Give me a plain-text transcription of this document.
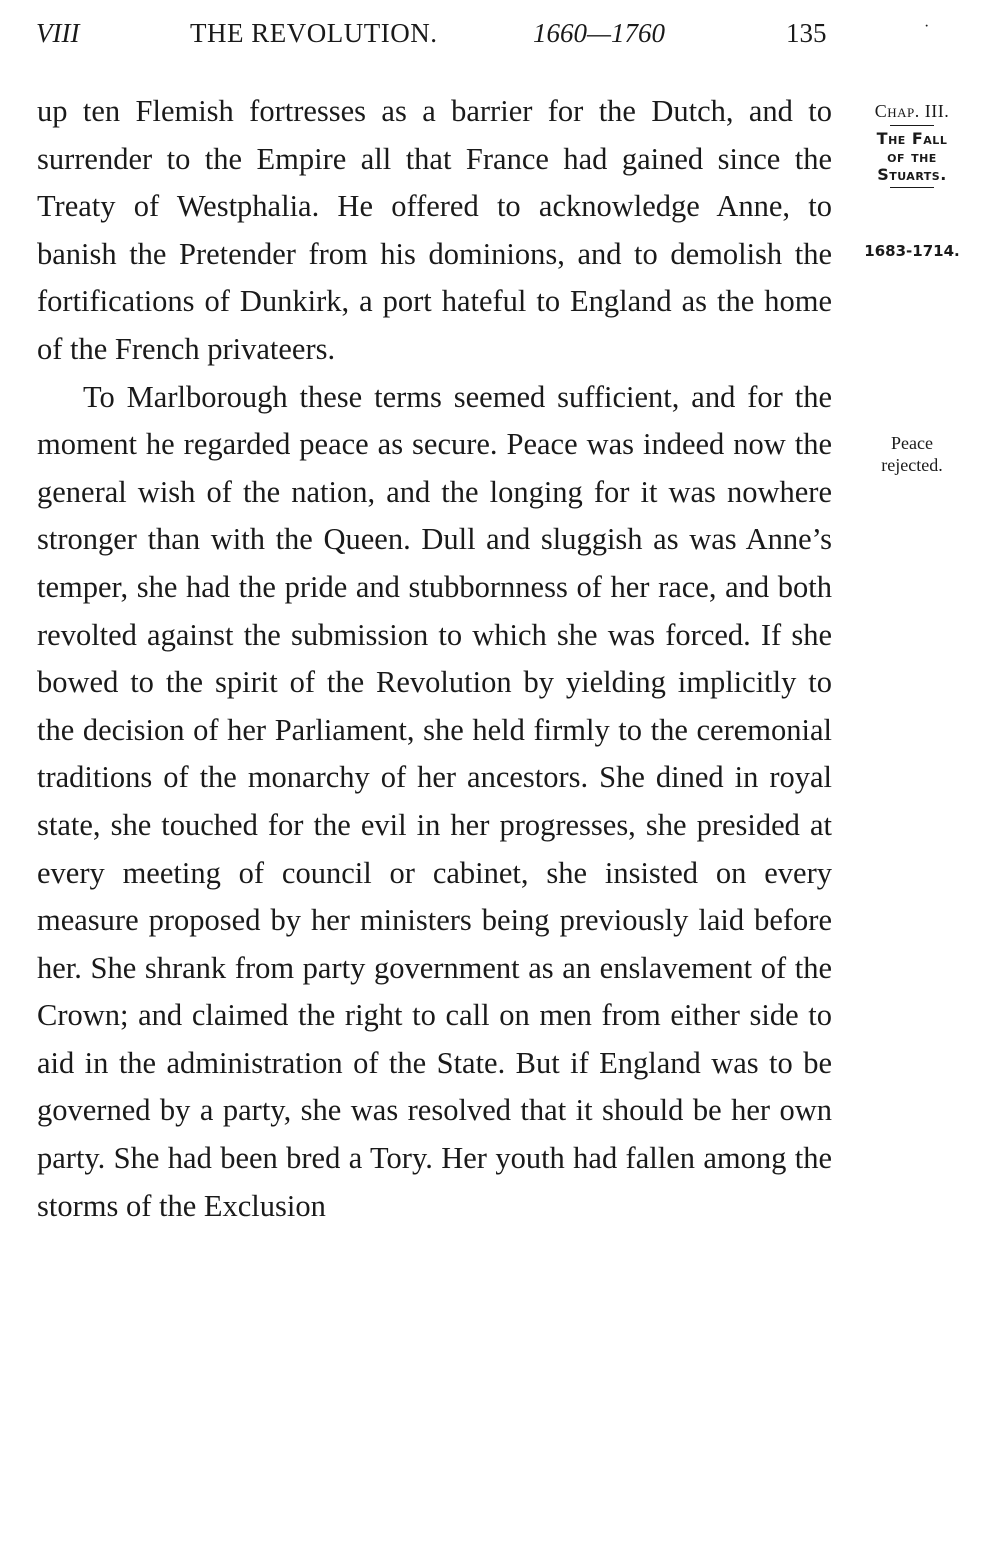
VIII	THE REVOLUTION.	1660—1760	135	·

up ten Flemish fortresses as a barrier for the Dutch, and to surrender to the Empire all that France had gained since the Treaty of Westphalia. He offered to acknowledge Anne, to banish the Pretender from his dominions, and to demolish the fortifications of Dunkirk, a port hateful to England as the home of the French privateers.

To Marlborough these terms seemed sufficient, and for the moment he regarded peace as secure. Peace was indeed now the general wish of the nation, and the longing for it was nowhere stronger than with the Queen. Dull and sluggish as was Anne’s temper, she had the pride and stubbornness of her race, and both revolted against the submission to which she was forced. If she bowed to the spirit of the Revolution by yielding implicitly to the decision of her Parliament, she held firmly to the ceremonial traditions of the monarchy of her ancestors. She dined in royal state, she touched for the evil in her progresses, she presided at every meeting of council or cabinet, she insisted on every measure proposed by her ministers being previously laid before her. She shrank from party government as an enslavement of the Crown; and claimed the right to call on men from either side to aid in the administration of the State. But if England was to be governed by a party, she was resolved that it should be her own party. She had been bred a Tory. Her youth had fallen among the storms of the Exclusion

Chap. III.
The Fall
of the
Stuarts.
1683-1714.
Peace
rejected.
